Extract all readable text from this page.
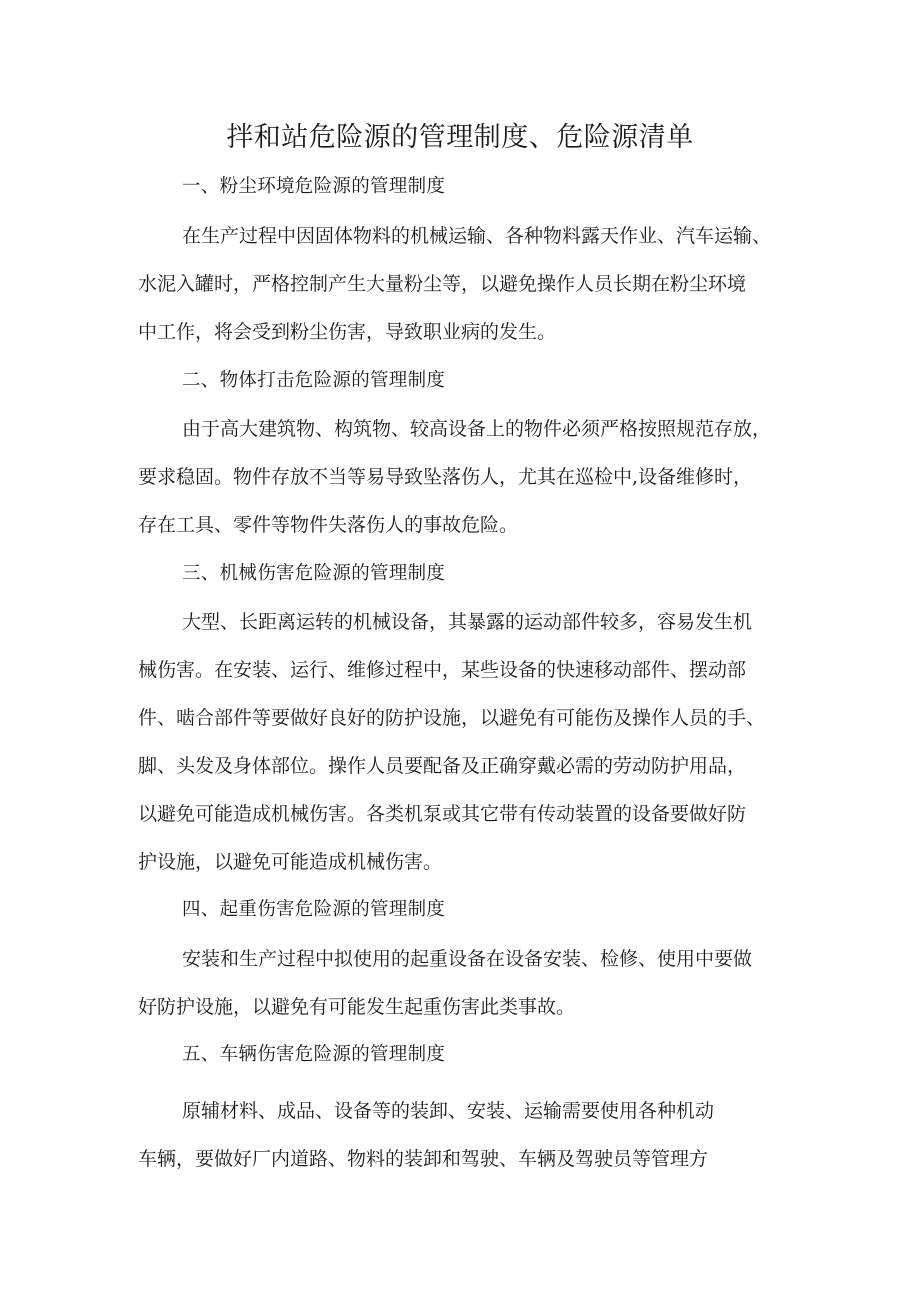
拌和站危险源的管理制度、危险源清单
一、粉尘环境危险源的管理制度
在生产过程中因固体物料的机械运输、各种物料露天作业、汽车运输、
水泥入罐时，严格控制产生大量粉尘等，以避免操作人员长期在粉尘环境
中工作，将会受到粉尘伤害，导致职业病的发生。
二、物体打击危险源的管理制度
由于高大建筑物、构筑物、较高设备上的物件必须严格按照规范存放，
要求稳固。物件存放不当等易导致坠落伤人，尤其在巡检中,设备维修时，
存在工具、零件等物件失落伤人的事故危险。
三、机械伤害危险源的管理制度
大型、长距离运转的机械设备，其暴露的运动部件较多，容易发生机
械伤害。在安装、运行、维修过程中，某些设备的快速移动部件、摆动部
件、啮合部件等要做好良好的防护设施，以避免有可能伤及操作人员的手、
脚、头发及身体部位。操作人员要配备及正确穿戴必需的劳动防护用品，
以避免可能造成机械伤害。各类机泵或其它带有传动装置的设备要做好防
护设施，以避免可能造成机械伤害。
四、起重伤害危险源的管理制度
安装和生产过程中拟使用的起重设备在设备安装、检修、使用中要做
好防护设施，以避免有可能发生起重伤害此类事故。
五、车辆伤害危险源的管理制度
原辅材料、成品、设备等的装卸、安装、运输需要使用各种机动
车辆，要做好厂内道路、物料的装卸和驾驶、车辆及驾驶员等管理方
